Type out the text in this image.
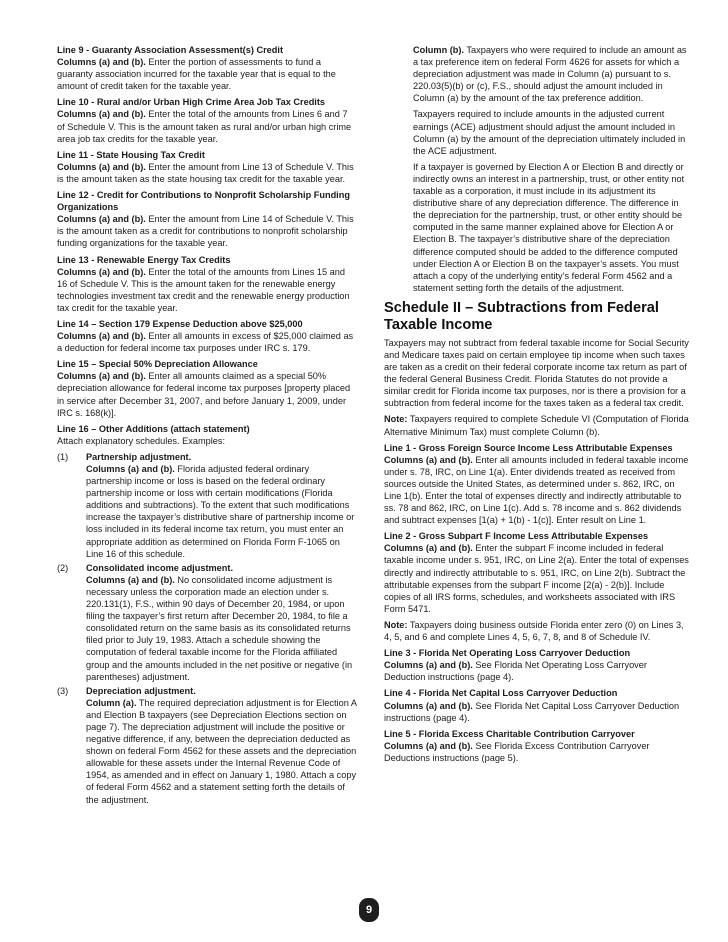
Line 9 - Guaranty Association Assessment(s) Credit
Columns (a) and (b). Enter the portion of assessments to fund a guaranty association incurred for the taxable year that is equal to the amount of credit taken for the taxable year.
Line 10 - Rural and/or Urban High Crime Area Job Tax Credits
Columns (a) and (b). Enter the total of the amounts from Lines 6 and 7 of Schedule V. This is the amount taken as rural and/or urban high crime area job tax credits for the taxable year.
Line 11 - State Housing Tax Credit
Columns (a) and (b). Enter the amount from Line 13 of Schedule V. This is the amount taken as the state housing tax credit for the taxable year.
Line 12 - Credit for Contributions to Nonprofit Scholarship Funding Organizations
Columns (a) and (b). Enter the amount from Line 14 of Schedule V. This is the amount taken as a credit for contributions to nonprofit scholarship funding organizations for the taxable year.
Line 13 - Renewable Energy Tax Credits
Columns (a) and (b). Enter the total of the amounts from Lines 15 and 16 of Schedule V. This is the amount taken for the renewable energy technologies investment tax credit and the renewable energy production tax credit for the taxable year.
Line 14 – Section 179 Expense Deduction above $25,000
Columns (a) and (b). Enter all amounts in excess of $25,000 claimed as a deduction for federal income tax purposes under IRC s. 179.
Line 15 – Special 50% Depreciation Allowance
Columns (a) and (b). Enter all amounts claimed as a special 50% depreciation allowance for federal income tax purposes [property placed in service after December 31, 2007, and before January 1, 2009, under IRC s. 168(k)].
Line 16 – Other Additions (attach statement)
Attach explanatory schedules. Examples:
(1) Partnership adjustment.
Columns (a) and (b). Florida adjusted federal ordinary partnership income or loss is based on the federal ordinary partnership income or loss with certain modifications (Florida additions and subtractions). To the extent that such modifications increase the taxpayer’s distributive share of partnership income or loss included in its federal income tax return, you must enter an appropriate addition as determined on Florida Form F-1065 on Line 16 of this schedule.
(2) Consolidated income adjustment.
Columns (a) and (b). No consolidated income adjustment is necessary unless the corporation made an election under s. 220.131(1), F.S., within 90 days of December 20, 1984, or upon filing the taxpayer’s first return after December 20, 1984, to file a consolidated return on the same basis as its consolidated returns filed prior to July 19, 1983. Attach a schedule showing the computation of federal taxable income for the Florida affiliated group and the amounts included in the net positive or negative (in parentheses) adjustment.
(3) Depreciation adjustment.
Column (a). The required depreciation adjustment is for Election A and Election B taxpayers (see Depreciation Elections section on page 7). The depreciation adjustment will include the positive or negative difference, if any, between the depreciation deducted as shown on federal Form 4562 for these assets and the depreciation allowable for these assets under the Internal Revenue Code of 1954, as amended and in effect on January 1, 1980. Attach a copy of federal Form 4562 and a statement setting forth the details of the adjustment.
Column (b). Taxpayers who were required to include an amount as a tax preference item on federal Form 4626 for assets for which a depreciation adjustment was made in Column (a) pursuant to s. 220.03(5)(b) or (c), F.S., should adjust the amount included in Column (a) by the amount of the tax preference addition.
Taxpayers required to include amounts in the adjusted current earnings (ACE) adjustment should adjust the amount included in Column (a) by the amount of the depreciation ultimately included in the ACE adjustment.
If a taxpayer is governed by Election A or Election B and directly or indirectly owns an interest in a partnership, trust, or other entity not taxable as a corporation, it must include in its adjustment its distributive share of any depreciation difference. The difference in the depreciation for the partnership, trust, or other entity should be computed in the same manner explained above for Election A or Election B. The taxpayer’s distributive share of the depreciation difference computed should be added to the difference computed under Election A or Election B on the taxpayer’s assets. You must attach a copy of the underlying entity’s federal Form 4562 and a statement setting forth the details of the adjustment.
Schedule II – Subtractions from Federal Taxable Income
Taxpayers may not subtract from federal taxable income for Social Security and Medicare taxes paid on certain employee tip income when such taxes are taken as a credit on their federal corporate income tax return as part of the federal General Business Credit. Florida Statutes do not provide a similar credit for Florida income tax purposes, nor is there a provision for a subtraction from federal income for the taxes taken as a federal tax credit.
Note: Taxpayers required to complete Schedule VI (Computation of Florida Alternative Minimum Tax) must complete Column (b).
Line 1 - Gross Foreign Source Income Less Attributable Expenses
Columns (a) and (b). Enter all amounts included in federal taxable income under s. 78, IRC, on Line 1(a). Enter dividends treated as received from sources outside the United States, as determined under s. 862, IRC, on Line 1(b). Enter the total of expenses directly and indirectly attributable to ss. 78 and 862, IRC, on Line 1(c). Add s. 78 income and s. 862 dividends and subtract expenses [1(a) + 1(b) - 1(c)]. Enter result on Line 1.
Line 2 - Gross Subpart F Income Less Attributable Expenses
Columns (a) and (b). Enter the subpart F income included in federal taxable income under s. 951, IRC, on Line 2(a). Enter the total of expenses directly and indirectly attributable to s. 951, IRC, on Line 2(b). Subtract the attributable expenses from the subpart F income [2(a) - 2(b)]. Include copies of all IRS forms, schedules, and worksheets associated with IRS Form 5471.
Note: Taxpayers doing business outside Florida enter zero (0) on Lines 3, 4, 5, and 6 and complete Lines 4, 5, 6, 7, 8, and 8 of Schedule IV.
Line 3 - Florida Net Operating Loss Carryover Deduction
Columns (a) and (b). See Florida Net Operating Loss Carryover Deduction instructions (page 4).
Line 4 - Florida Net Capital Loss Carryover Deduction
Columns (a) and (b). See Florida Net Capital Loss Carryover Deduction instructions (page 4).
Line 5 - Florida Excess Charitable Contribution Carryover
Columns (a) and (b). See Florida Excess Contribution Carryover Deductions instructions (page 5).
9
